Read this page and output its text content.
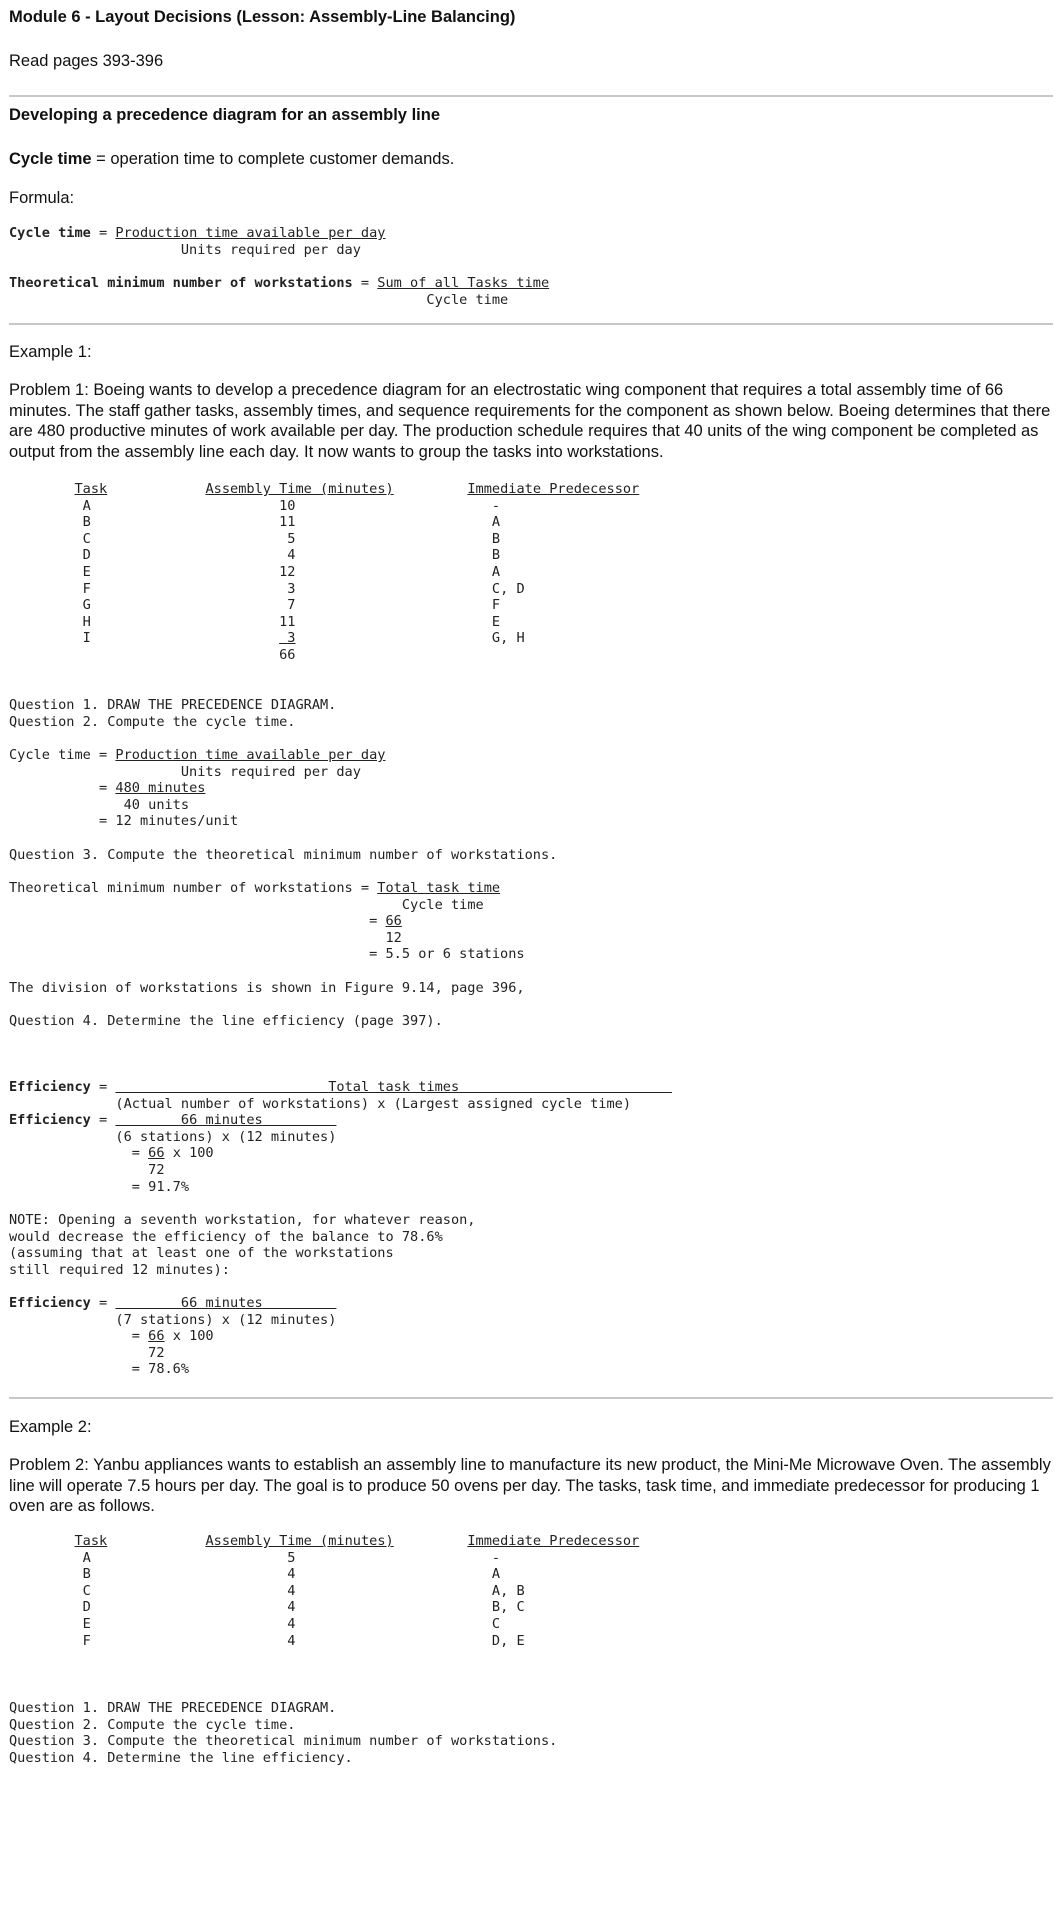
Module 6 - Layout Decisions (Lesson: Assembly-Line Balancing)
Read pages 393-396
Developing a precedence diagram for an assembly line
Cycle time = operation time to complete customer demands.
Formula:
Cycle time = Production time available per day
Units required per day
Theoretical minimum number of workstations = Sum of all Tasks time
Cycle time
Example 1:
Problem 1: Boeing wants to develop a precedence diagram for an electrostatic wing component that requires a total assembly time of 66 minutes. The staff gather tasks, assembly times, and sequence requirements for the component as shown below. Boeing determines that there are 480 productive minutes of work available per day. The production schedule requires that 40 units of the wing component be completed as output from the assembly line each day. It now wants to group the tasks into workstations.
Task	Assembly Time (minutes)	Immediate Predecessor
A	10	-
B	11	A
C	5	B
D	4	B
E	12	A
F	3	C, D
G	7	F
H	11	E
I	3	G, H
66
Question 1. DRAW THE PRECEDENCE DIAGRAM.
Question 2. Compute the cycle time.
Cycle time = Production time available per day
Units required per day
= 480 minutes
40 units
= 12 minutes/unit
Question 3. Compute the theoretical minimum number of workstations.
Theoretical minimum number of workstations = Total task time
Cycle time
= 66
12
= 5.5 or 6 stations
The division of workstations is shown in Figure 9.14, page 396,
Question 4. Determine the line efficiency (page 397).
Efficiency =	Total task times
(Actual number of workstations) x (Largest assigned cycle time)
Efficiency =	66 minutes
(6 stations) x (12 minutes)
= 66 x 100
72
= 91.7%
NOTE: Opening a seventh workstation, for whatever reason,
would decrease the efficiency of the balance to 78.6%
(assuming that at least one of the workstations
still required 12 minutes):
Efficiency =	66 minutes
(7 stations) x (12 minutes)
= 66 x 100
72
= 78.6%
Example 2:
Problem 2: Yanbu appliances wants to establish an assembly line to manufacture its new product, the Mini-Me Microwave Oven. The assembly line will operate 7.5 hours per day. The goal is to produce 50 ovens per day. The tasks, task time, and immediate predecessor for producing 1 oven are as follows.
Task	Assembly Time (minutes)	Immediate Predecessor
A	5	-
B	4	A
C	4	A, B
D	4	B, C
E	4	C
F	4	D, E
Question 1. DRAW THE PRECEDENCE DIAGRAM.
Question 2. Compute the cycle time.
Question 3. Compute the theoretical minimum number of workstations.
Question 4. Determine the line efficiency.
